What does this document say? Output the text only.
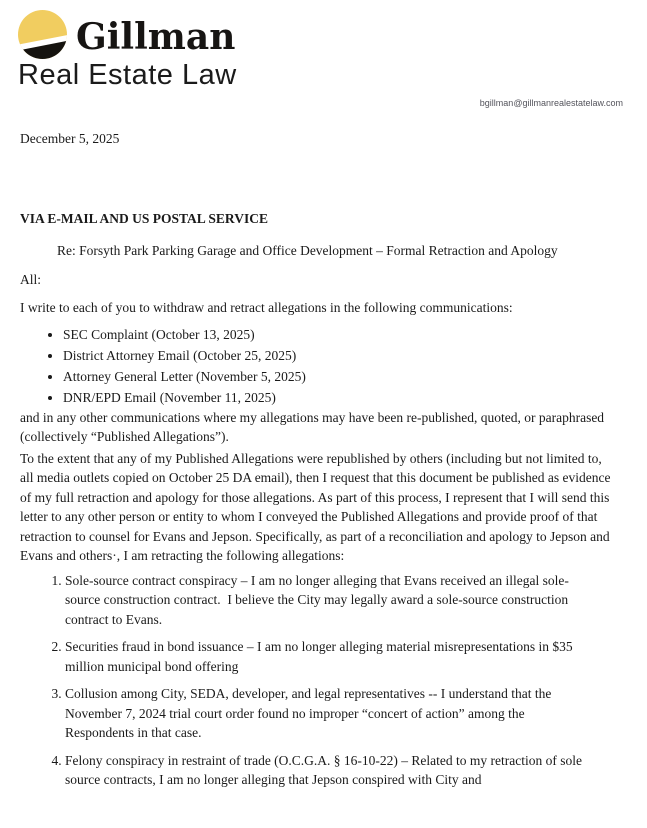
Gillman
Real Estate Law
bgillman@gillmanrealestatelaw.com
December 5, 2025
VIA E-MAIL AND US POSTAL SERVICE
Re: Forsyth Park Parking Garage and Office Development – Formal Retraction and Apology
All:

I write to each of you to withdraw and retract allegations in the following communications:

• SEC Complaint (October 13, 2025)
• District Attorney Email (October 25, 2025)
• Attorney General Letter (November 5, 2025)
• DNR/EPD Email (November 11, 2025)

and in any other communications where my allegations may have been re-published, quoted, or paraphrased (collectively “Published Allegations”).

To the extent that any of my Published Allegations were republished by others (including but not limited to, all media outlets copied on October 25 DA email), then I request that this document be published as evidence of my full retraction and apology for those allegations. As part of this process, I represent that I will send this letter to any other person or entity to whom I conveyed the Published Allegations and provide proof of that retraction to counsel for Evans and Jepson. Specifically, as part of a reconciliation and apology to Jepson and Evans and others·, I am retracting the following allegations:

1. Sole-source contract conspiracy – I am no longer alleging that Evans received an illegal sole-source construction contract.  I believe the City may legally award a sole-source construction contract to Evans.
2. Securities fraud in bond issuance – I am no longer alleging material misrepresentations in $35 million municipal bond offering
3. Collusion among City, SEDA, developer, and legal representatives -- I understand that the November 7, 2024 trial court order found no improper “concert of action” among the Respondents in that case.
4. Felony conspiracy in restraint of trade (O.C.G.A. § 16-10-22) – Related to my retraction of sole source contracts, I am no longer alleging that Jepson conspired with City and
